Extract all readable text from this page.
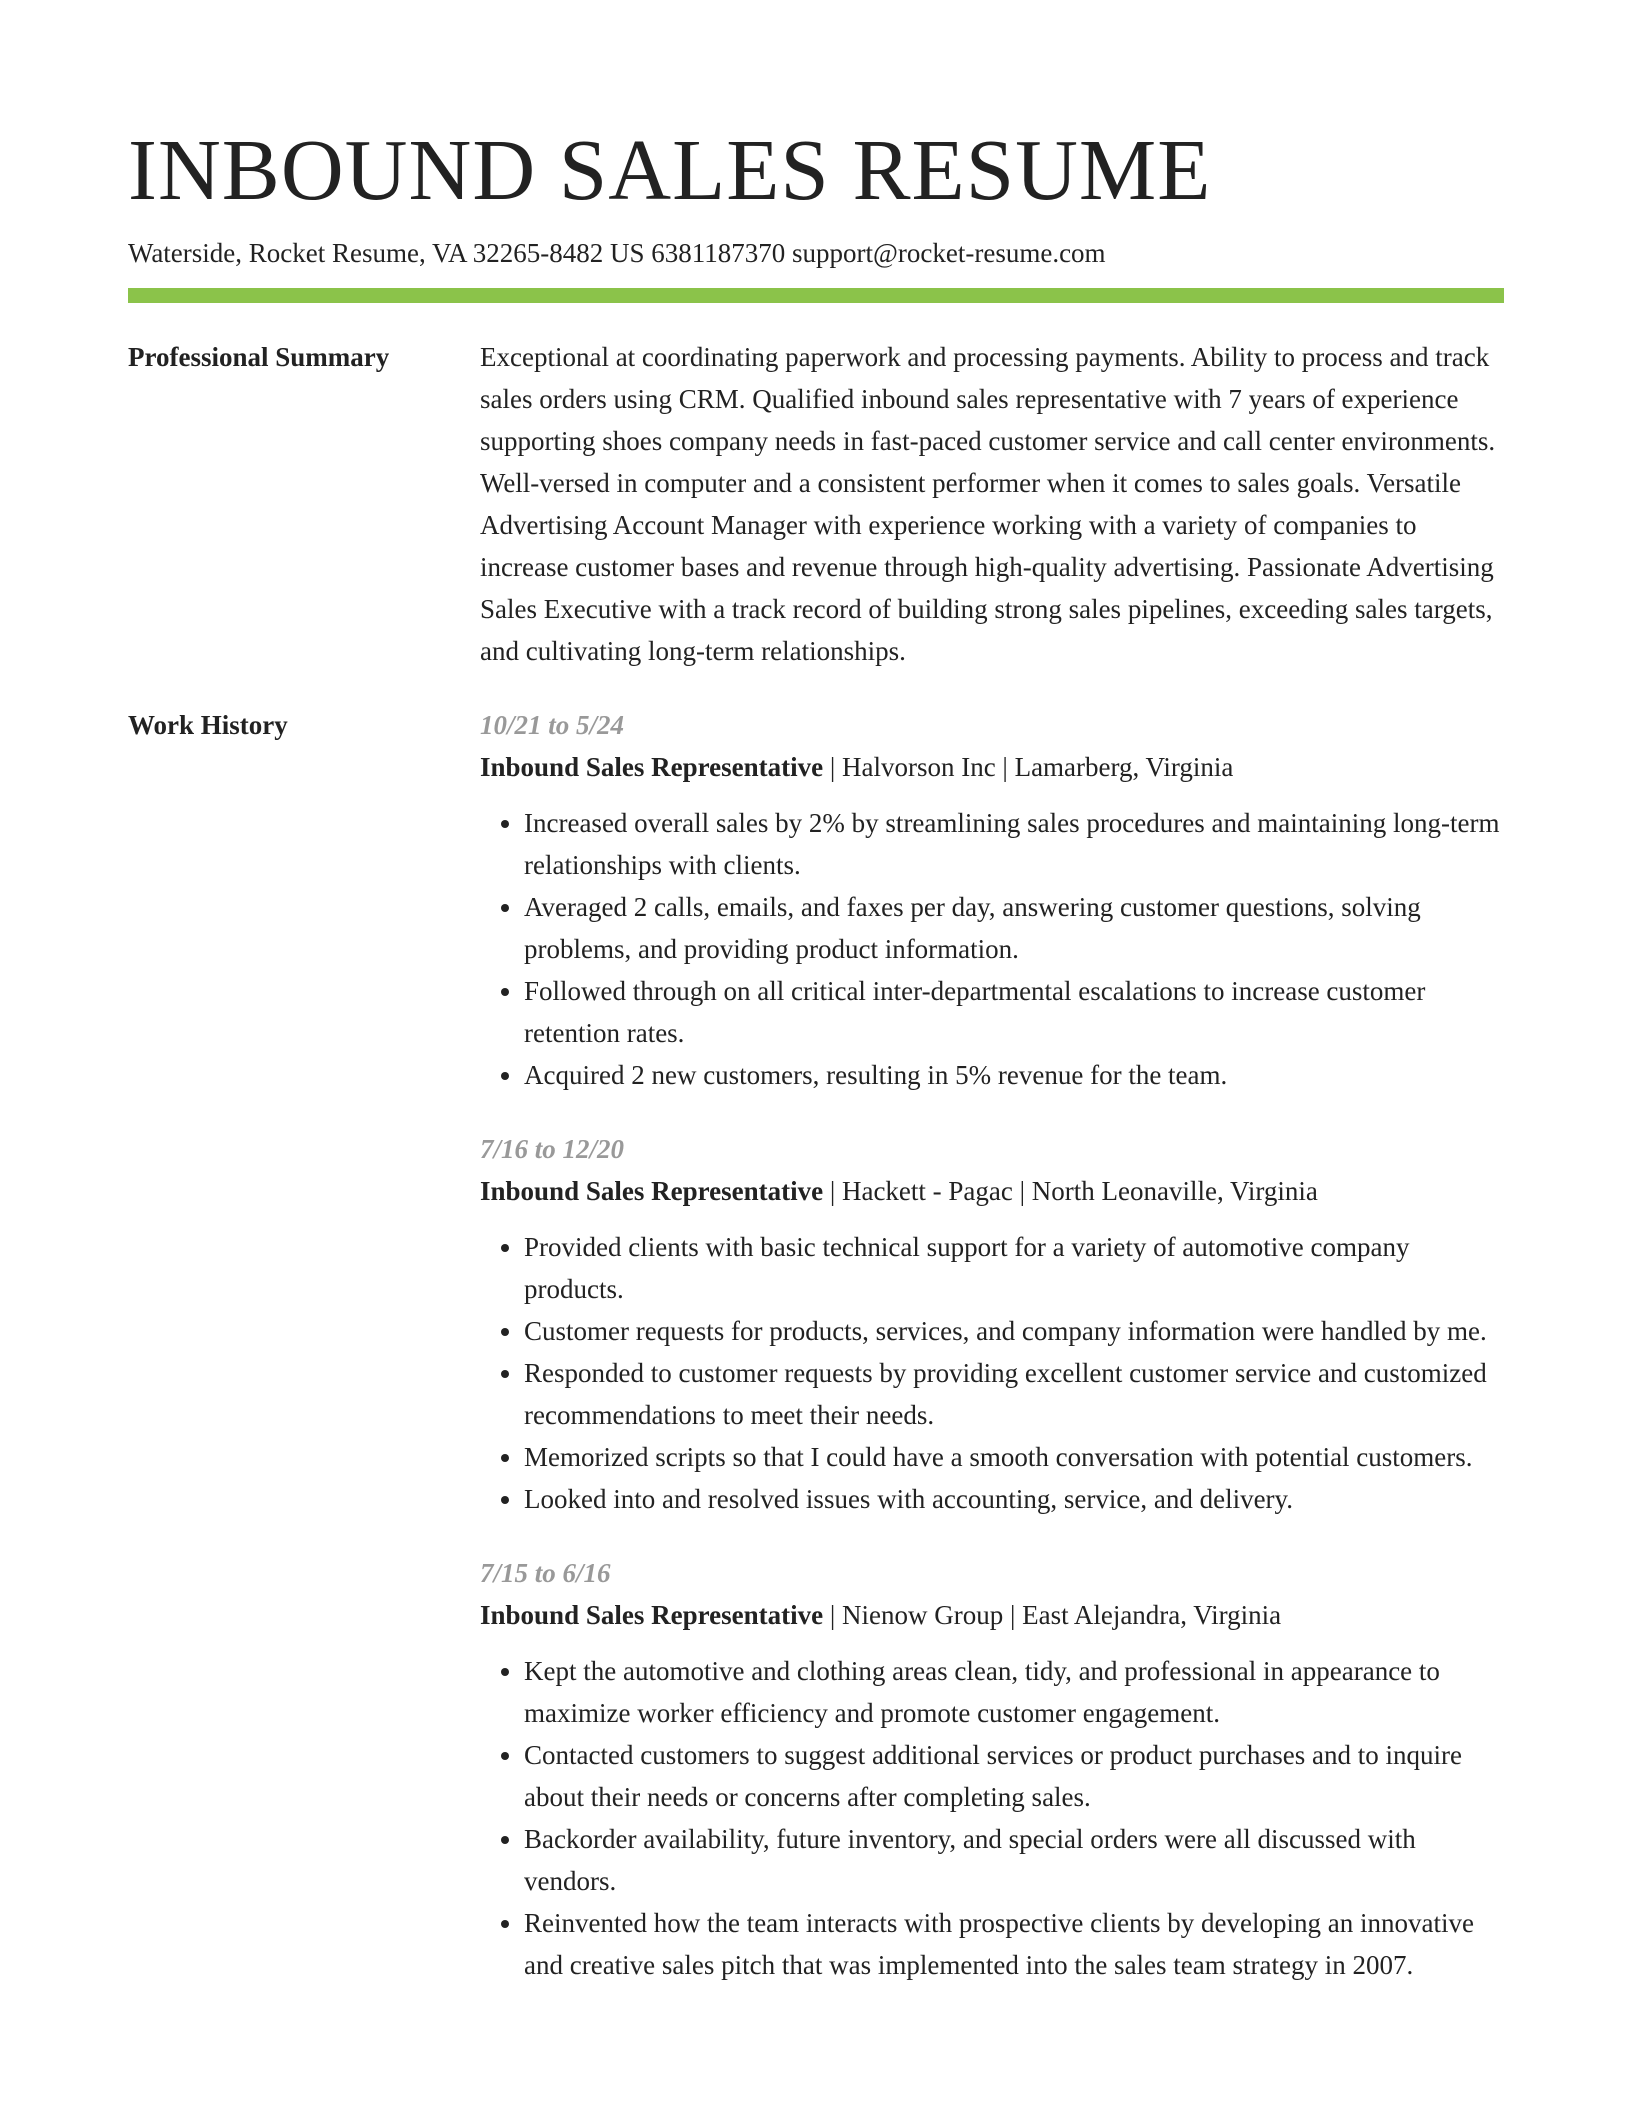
INBOUND SALES RESUME
Waterside, Rocket Resume, VA 32265-8482 US 6381187370 support@rocket-resume.com
Professional Summary	Exceptional at coordinating paperwork and processing payments. Ability to process and track sales orders using CRM. Qualified inbound sales representative with 7 years of experience supporting shoes company needs in fast-paced customer service and call center environments. Well-versed in computer and a consistent performer when it comes to sales goals. Versatile Advertising Account Manager with experience working with a variety of companies to increase customer bases and revenue through high-quality advertising. Passionate Advertising Sales Executive with a track record of building strong sales pipelines, exceeding sales targets, and cultivating long-term relationships.
Work History	10/21 to 5/24
Inbound Sales Representative | Halvorson Inc | Lamarberg, Virginia
• Increased overall sales by 2% by streamlining sales procedures and maintaining long-term relationships with clients.
• Averaged 2 calls, emails, and faxes per day, answering customer questions, solving problems, and providing product information.
• Followed through on all critical inter-departmental escalations to increase customer retention rates.
• Acquired 2 new customers, resulting in 5% revenue for the team.
7/16 to 12/20
Inbound Sales Representative | Hackett - Pagac | North Leonaville, Virginia
• Provided clients with basic technical support for a variety of automotive company products.
• Customer requests for products, services, and company information were handled by me.
• Responded to customer requests by providing excellent customer service and customized recommendations to meet their needs.
• Memorized scripts so that I could have a smooth conversation with potential customers.
• Looked into and resolved issues with accounting, service, and delivery.
7/15 to 6/16
Inbound Sales Representative | Nienow Group | East Alejandra, Virginia
• Kept the automotive and clothing areas clean, tidy, and professional in appearance to maximize worker efficiency and promote customer engagement.
• Contacted customers to suggest additional services or product purchases and to inquire about their needs or concerns after completing sales.
• Backorder availability, future inventory, and special orders were all discussed with vendors.
• Reinvented how the team interacts with prospective clients by developing an innovative and creative sales pitch that was implemented into the sales team strategy in 2007.
